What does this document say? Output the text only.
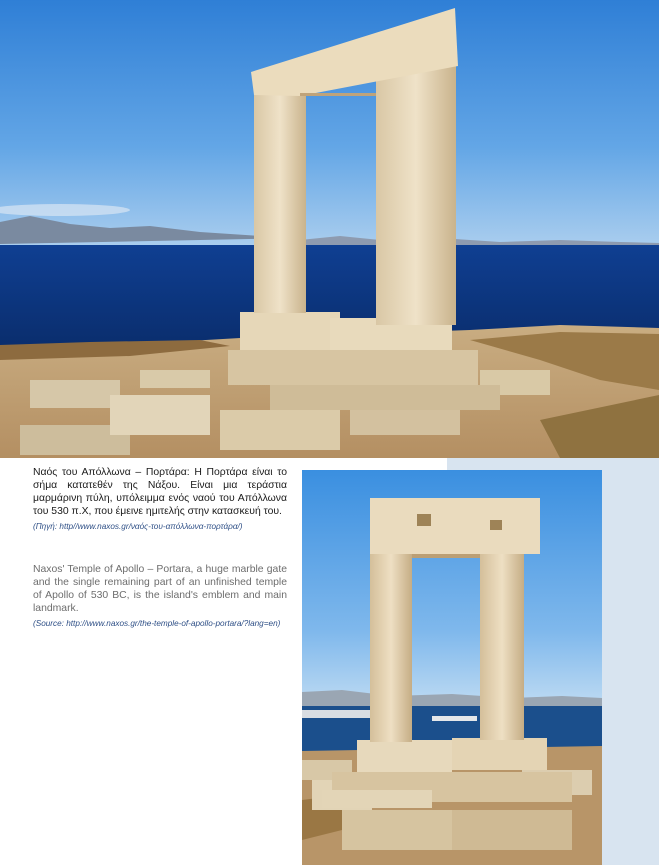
Ναός του Απόλλωνα – Πορτάρα: Η Πορτάρα είναι το σήμα κατατεθέν της Νάξου. Είναι μια τεράστια μαρμάρινη πύλη, υπόλειμμα ενός ναού του Απόλλωνα του 530 π.Χ, που έμεινε ημιτελής στην κατασκευή του.

(Πηγή: http//www.naxos.gr/ναός-του-απόλλωνα-πορτάρα/)

Naxos' Temple of Apollo – Portara, a huge marble gate and the single remaining part of an unfinished temple of Apollo of 530 BC, is the island's emblem and main landmark.

(Source: http://www.naxos.gr/the-temple-of-apollo-portara/?lang=en)
